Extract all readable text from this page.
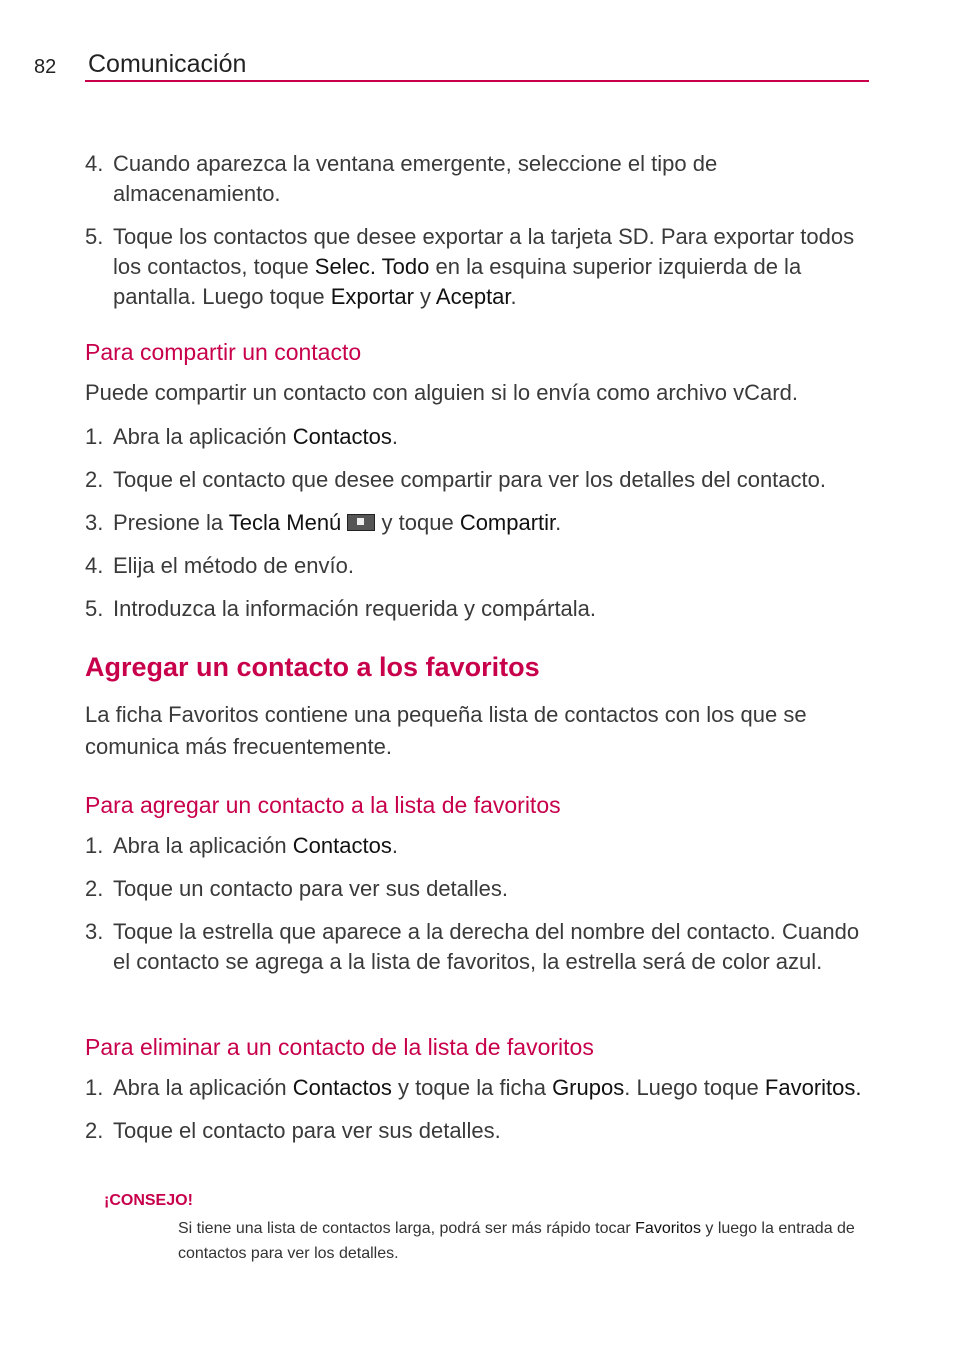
82 Comunicación
4. Cuando aparezca la ventana emergente, seleccione el tipo de almacenamiento.
5. Toque los contactos que desee exportar a la tarjeta SD. Para exportar todos los contactos, toque Selec. Todo en la esquina superior izquierda de la pantalla. Luego toque Exportar y Aceptar.
Para compartir un contacto
Puede compartir un contacto con alguien si lo envía como archivo vCard.
1. Abra la aplicación Contactos.
2. Toque el contacto que desee compartir para ver los detalles del contacto.
3. Presione la Tecla Menú  y toque Compartir.
4. Elija el método de envío.
5. Introduzca la información requerida y compártala.
Agregar un contacto a los favoritos
La ficha Favoritos contiene una pequeña lista de contactos con los que se comunica más frecuentemente.
Para agregar un contacto a la lista de favoritos
1. Abra la aplicación Contactos.
2. Toque un contacto para ver sus detalles.
3. Toque la estrella que aparece a la derecha del nombre del contacto. Cuando el contacto se agrega a la lista de favoritos, la estrella será de color azul.
Para eliminar a un contacto de la lista de favoritos
1. Abra la aplicación Contactos y toque la ficha Grupos. Luego toque Favoritos.
2. Toque el contacto para ver sus detalles.
¡CONSEJO!
Si tiene una lista de contactos larga, podrá ser más rápido tocar Favoritos y luego la entrada de contactos para ver los detalles.
